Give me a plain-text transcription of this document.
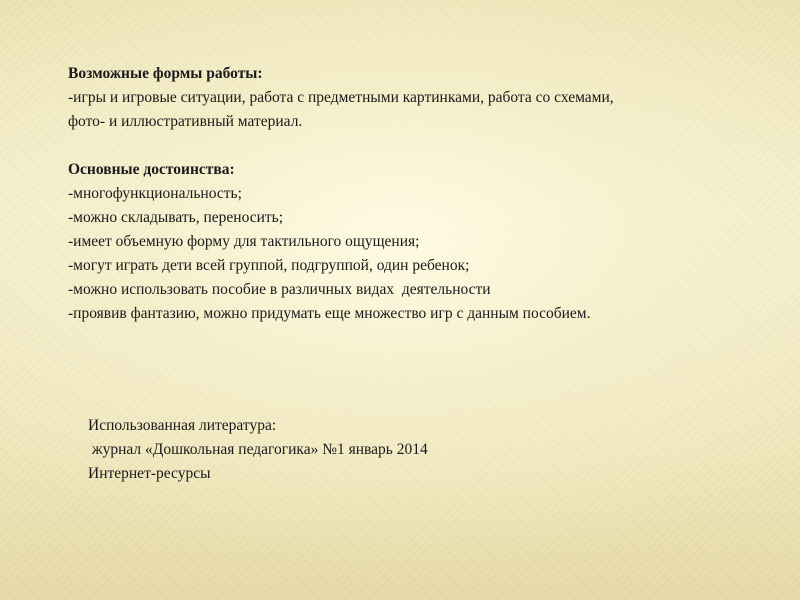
Возможные формы работы:
-игры и игровые ситуации, работа с предметными картинками, работа со схемами,
фото- и иллюстративный материал.
Основные достоинства:
-многофункциональность;
-можно складывать, переносить;
-имеет объемную форму для тактильного ощущения;
-могут играть дети всей группой, подгруппой, один ребенок;
-можно использовать пособие в различных видах  деятельности
-проявив фантазию, можно придумать еще множество игр с данным пособием.
Использованная литература:
журнал «Дошкольная педагогика» №1 январь 2014
Интернет-ресурсы
